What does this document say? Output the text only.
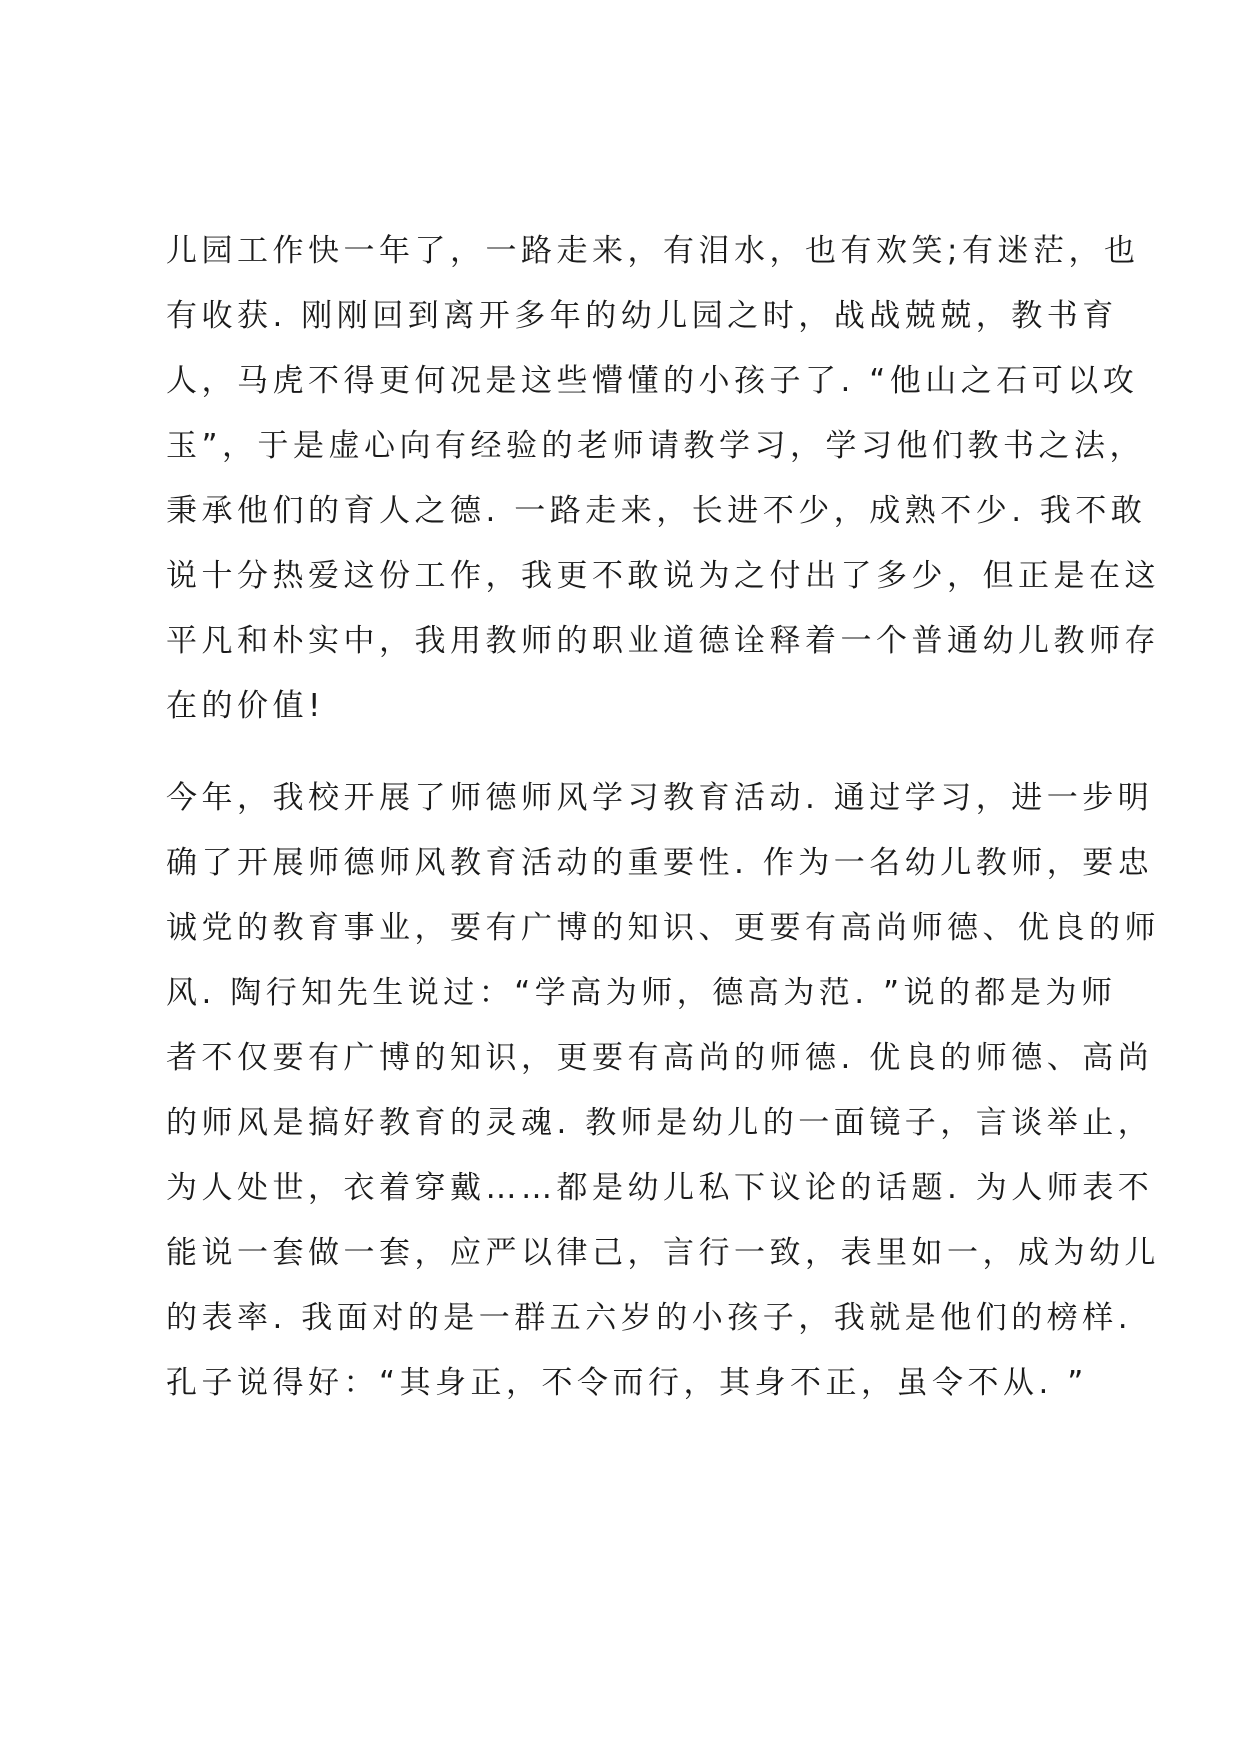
儿园工作快一年了，一路走来，有泪水，也有欢笑;有迷茫，也
有收获. 刚刚回到离开多年的幼儿园之时，战战兢兢，教书育
人，马虎不得更何况是这些懵懂的小孩子了. “他山之石可以攻
玉”，于是虚心向有经验的老师请教学习，学习他们教书之法，
秉承他们的育人之德. 一路走来，长进不少，成熟不少. 我不敢
说十分热爱这份工作，我更不敢说为之付出了多少，但正是在这
平凡和朴实中，我用教师的职业道德诠释着一个普通幼儿教师存
在的价值!
今年，我校开展了师德师风学习教育活动. 通过学习，进一步明
确了开展师德师风教育活动的重要性. 作为一名幼儿教师，要忠
诚党的教育事业，要有广博的知识、更要有高尚师德、优良的师
风. 陶行知先生说过：“学高为师，德高为范. ”说的都是为师
者不仅要有广博的知识，更要有高尚的师德. 优良的师德、高尚
的师风是搞好教育的灵魂. 教师是幼儿的一面镜子，言谈举止，
为人处世，衣着穿戴……都是幼儿私下议论的话题. 为人师表不
能说一套做一套，应严以律己，言行一致，表里如一，成为幼儿
的表率. 我面对的是一群五六岁的小孩子，我就是他们的榜样.
孔子说得好：“其身正，不令而行，其身不正，虽令不从. ”
